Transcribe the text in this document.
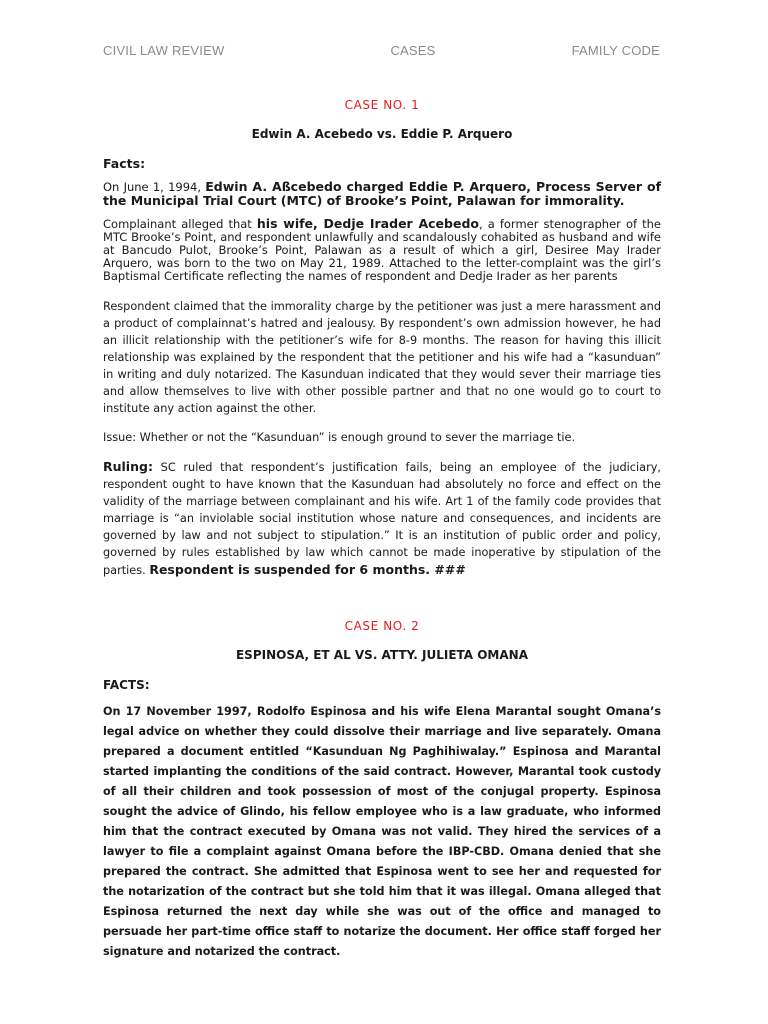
CIVIL LAW REVIEW	CASES	FAMILY CODE
CASE NO. 1
Edwin A. Acebedo vs. Eddie P. Arquero
Facts:

On June 1, 1994, Edwin A. Aßcebedo charged Eddie P. Arquero, Process Server of the Municipal Trial Court (MTC) of Brooke’s Point, Palawan for immorality.

Complainant alleged that his wife, Dedje Irader Acebedo, a former stenographer of the MTC Brooke’s Point, and respondent unlawfully and scandalously cohabited as husband and wife at Bancudo Pulot, Brooke’s Point, Palawan as a result of which a girl, Desiree May Irader Arquero, was born to the two on May 21, 1989. Attached to the letter-complaint was the girl’s Baptismal Certificate reflecting the names of respondent and Dedje Irader as her parents

Respondent claimed that the immorality charge by the petitioner was just a mere harassment and a product of complainnat’s hatred and jealousy. By respondent’s own admission however, he had an illicit relationship with the petitioner’s wife for 8-9 months. The reason for having this illicit relationship was explained by the respondent that the petitioner and his wife had a “kasunduan” in writing and duly notarized. The Kasunduan indicated that they would sever their marriage ties and allow themselves to live with other possible partner and that no one would go to court to institute any action against the other.

Issue: Whether or not the “Kasunduan” is enough ground to sever the marriage tie.

Ruling: SC ruled that respondent’s justification fails, being an employee of the judiciary, respondent ought to have known that the Kasunduan had absolutely no force and effect on the validity of the marriage between complainant and his wife. Art 1 of the family code provides that marriage is “an inviolable social institution whose nature and consequences, and incidents are governed by law and not subject to stipulation.” It is an institution of public order and policy, governed by rules established by law which cannot be made inoperative by stipulation of the parties. Respondent is suspended for 6 months. ###

CASE NO. 2
ESPINOSA, ET AL VS. ATTY. JULIETA OMANA
FACTS:

On 17 November 1997, Rodolfo Espinosa and his wife Elena Marantal sought Omana’s legal advice on whether they could dissolve their marriage and live separately. Omana prepared a document entitled “Kasunduan Ng Paghihiwalay.” Espinosa and Marantal started implanting the conditions of the said contract. However, Marantal took custody of all their children and took possession of most of the conjugal property. Espinosa sought the advice of Glindo, his fellow employee who is a law graduate, who informed him that the contract executed by Omana was not valid. They hired the services of a lawyer to file a complaint against Omana before the IBP-CBD. Omana denied that she prepared the contract. She admitted that Espinosa went to see her and requested for the notarization of the contract but she told him that it was illegal. Omana alleged that Espinosa returned the next day while she was out of the office and managed to persuade her part-time office staff to notarize the document. Her office staff forged her signature and notarized the contract.
